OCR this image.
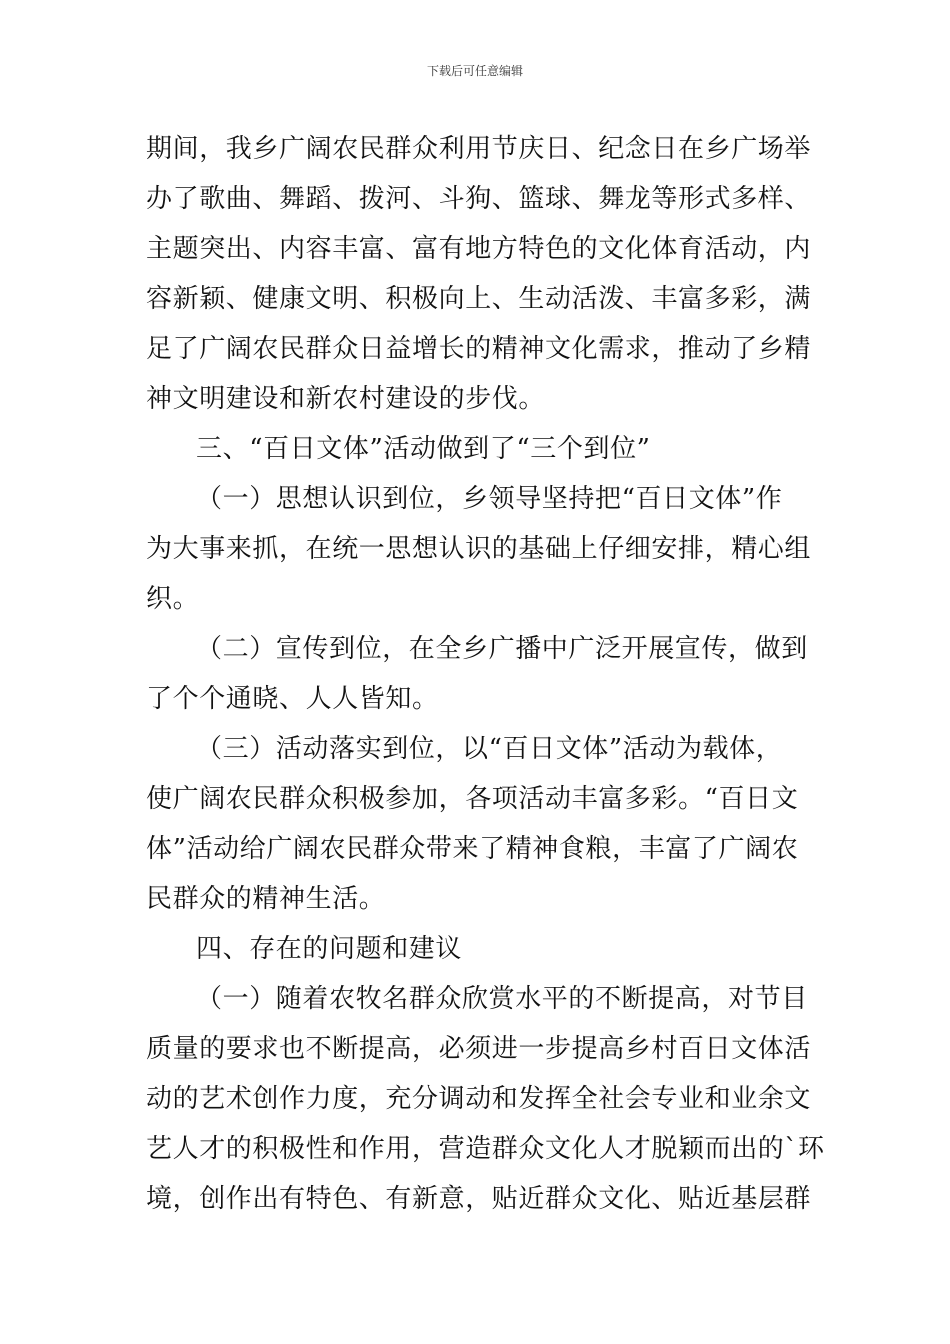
下载后可任意编辑
期间，我乡广阔农民群众利用节庆日、纪念日在乡广场举
办了歌曲、舞蹈、拨河、斗狗、篮球、舞龙等形式多样、
主题突出、内容丰富、富有地方特色的文化体育活动，内
容新颖、健康文明、积极向上、生动活泼、丰富多彩，满
足了广阔农民群众日益增长的精神文化需求，推动了乡精
神文明建设和新农村建设的步伐。
三、“百日文体”活动做到了“三个到位”
（一）思想认识到位，乡领导坚持把“百日文体”作
为大事来抓，在统一思想认识的基础上仔细安排，精心组
织。
（二）宣传到位，在全乡广播中广泛开展宣传，做到
了个个通晓、人人皆知。
（三）活动落实到位，以“百日文体”活动为载体，
使广阔农民群众积极参加，各项活动丰富多彩。“百日文
体”活动给广阔农民群众带来了精神食粮，丰富了广阔农
民群众的精神生活。
四、存在的问题和建议
（一）随着农牧名群众欣赏水平的不断提高，对节目
质量的要求也不断提高，必须进一步提高乡村百日文体活
动的艺术创作力度，充分调动和发挥全社会专业和业余文
艺人才的积极性和作用，营造群众文化人才脱颖而出的`环
境，创作出有特色、有新意，贴近群众文化、贴近基层群
